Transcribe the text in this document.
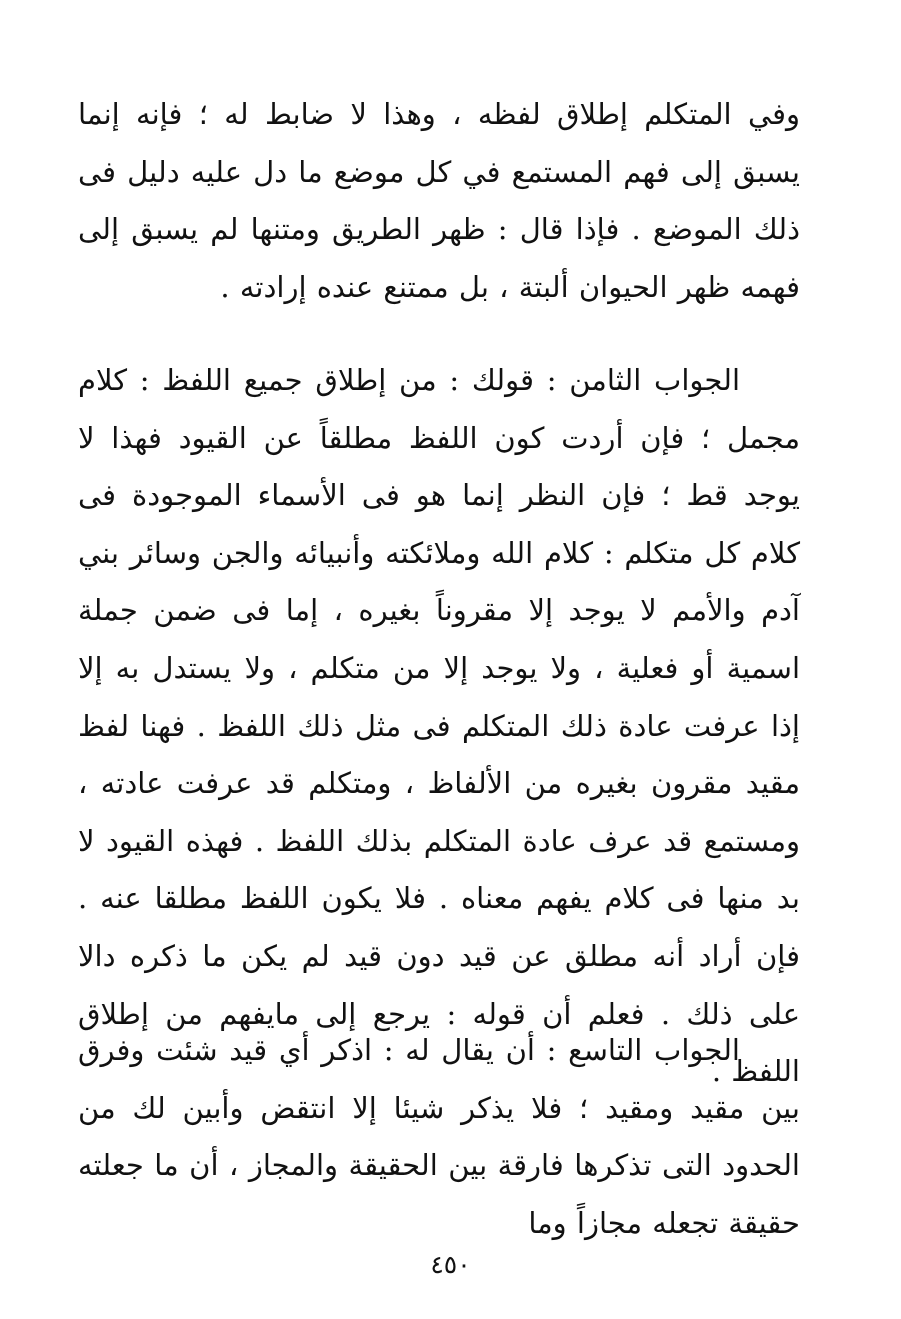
وفي المتكلم إطلاق لفظه ، وهذا لا ضابط له ؛ فإنه إنما يسبق إلى فهم المستمع في كل موضع ما دل عليه دليل فى ذلك الموضع . فإذا قال : ظهر الطريق ومتنها لم يسبق إلى فهمه ظهر الحيوان ألبتة ، بل ممتنع عنده إرادته .

الجواب الثامن : قولك : من إطلاق جميع اللفظ : كلام مجمل ؛ فإن أردت كون اللفظ مطلقاً عن القيود فهذا لا يوجد قط ؛ فإن النظر إنما هو فى الأسماء الموجودة فى كلام كل متكلم : كلام الله وملائكته وأنبيائه والجن وسائر بني آدم والأمم لا يوجد إلا مقروناً بغيره ، إما فى ضمن جملة اسمية أو فعلية ، ولا يوجد إلا من متكلم ، ولا يستدل به إلا إذا عرفت عادة ذلك المتكلم فى مثل ذلك اللفظ . فهنا لفظ مقيد مقرون بغيره من الألفاظ ، ومتكلم قد عرفت عادته ، ومستمع قد عرف عادة المتكلم بذلك اللفظ . فهذه القيود لا بد منها فى كلام يفهم معناه . فلا يكون اللفظ مطلقا عنه . فإن أراد أنه مطلق عن قيد دون قيد لم يكن ما ذكره دالا على ذلك . فعلم أن قوله : يرجع إلى مايفهم من إطلاق اللفظ .

الجواب التاسع : أن يقال له : اذكر أي قيد شئت وفرق بين مقيد ومقيد ؛ فلا يذكر شيئا إلا انتقض وأبين لك من الحدود التى تذكرها فارقة بين الحقيقة والمجاز ، أن ما جعلته حقيقة تجعله مجازاً وما

٤٥٠
